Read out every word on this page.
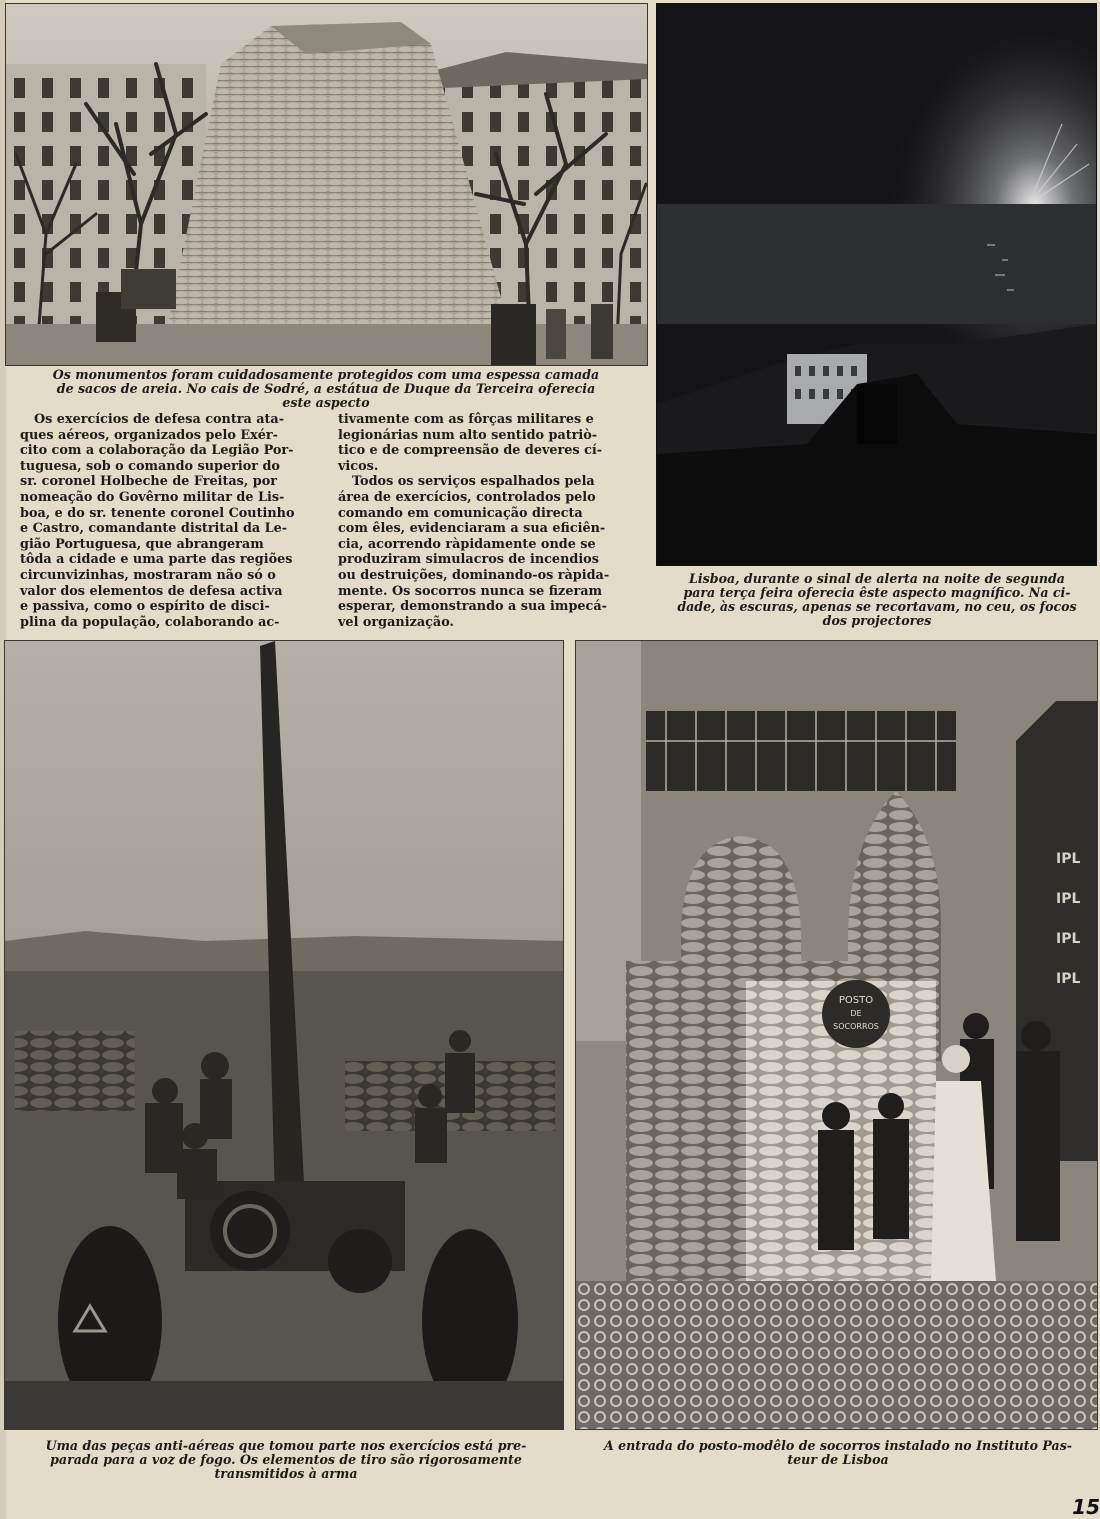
Os monumentos foram cuidadosamente protegidos com uma espessa camada
de sacos de areia. No cais de Sodré, a estátua de Duque da Terceira oferecia
este aspecto

Os exercícios de defesa contra ata-
ques aéreos, organizados pelo Exér-
cito com a colaboração da Legião Por-
tuguesa, sob o comando superior do
sr. coronel Holbeche de Freitas, por
nomeação do Govêrno militar de Lis-
boa, e do sr. tenente coronel Coutinho
e Castro, comandante distrital da Le-
gião Portuguesa, que abrangeram
tôda a cidade e uma parte das regiões
circunvizinhas, mostraram não só o
valor dos elementos de defesa activa
e passiva, como o espírito de disci-
plina da população, colaborando ac-

tivamente com as fôrças militares e
legionárias num alto sentido patriò-
tico e de compreensão de deveres cí-
vicos.
Todos os serviços espalhados pela
área de exercícios, controlados pelo
comando em comunicação directa
com êles, evidenciaram a sua eficiên-
cia, acorrendo ràpidamente onde se
produziram simulacros de incendios
ou destruições, dominando-os ràpida-
mente. Os socorros nunca se fizeram
esperar, demonstrando a sua impecá-
vel organização.

Lisboa, durante o sinal de alerta na noite de segunda
para terça feira oferecia êste aspecto magnífico. Na ci-
dade, às escuras, apenas se recortavam, no ceu, os focos
dos projectores
Uma das peças anti-aéreas que tomou parte nos exercícios está pre-
parada para a voz de fogo. Os elementos de tiro são rigorosamente
transmitidos à arma
POSTO
DE
SOCORROS
IPL
IPL
IPL
IPL
A entrada do posto-modêlo de socorros instalado no Instituto Pas-
teur de Lisboa
15
